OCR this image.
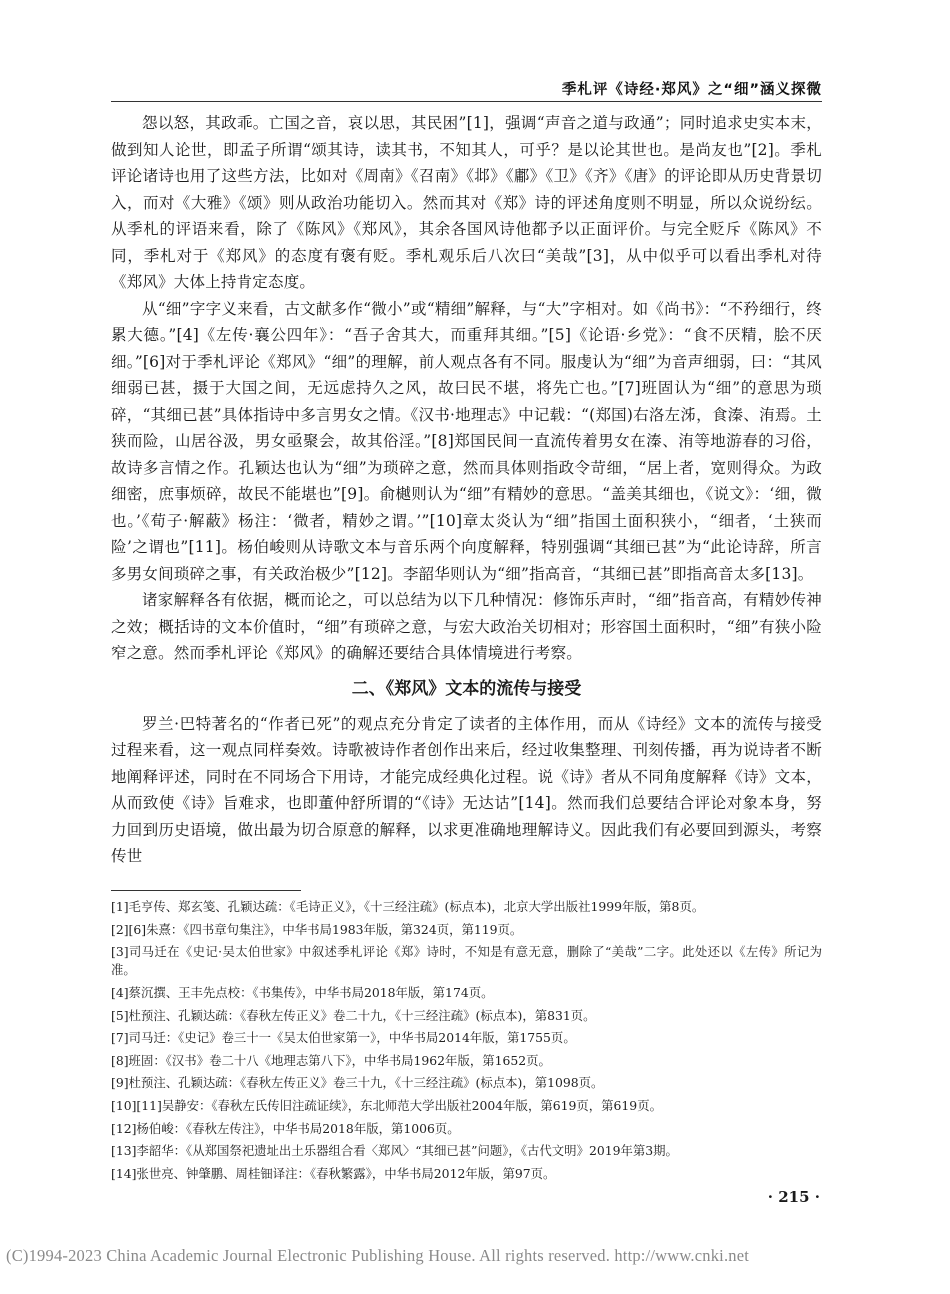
季札评《诗经·郑风》之“细”涵义探微

怨以怒，其政乖。亡国之音，哀以思，其民困”[1]，强调“声音之道与政通”；同时追求史实本末，做到知人论世，即孟子所谓“颂其诗，读其书，不知其人，可乎？是以论其世也。是尚友也”[2]。季札评论诸诗也用了这些方法，比如对《周南》《召南》《邶》《鄘》《卫》《齐》《唐》的评论即从历史背景切入，而对《大雅》《颂》则从政治功能切入。然而其对《郑》诗的评述角度则不明显，所以众说纷纭。从季札的评语来看，除了《陈风》《郑风》，其余各国风诗他都予以正面评价。与完全贬斥《陈风》不同，季札对于《郑风》的态度有褒有贬。季札观乐后八次曰“美哉”[3]，从中似乎可以看出季札对待《郑风》大体上持肯定态度。

从“细”字字义来看，古文献多作“微小”或“精细”解释，与“大”字相对。如《尚书》：“不矜细行，终累大德。”[4]《左传·襄公四年》：“吾子舍其大，而重拜其细。”[5]《论语·乡党》：“食不厌精，脍不厌细。”[6]对于季札评论《郑风》“细”的理解，前人观点各有不同。服虔认为“细”为音声细弱，曰：“其风细弱已甚，摄于大国之间，无远虑持久之风，故曰民不堪，将先亡也。”[7]班固认为“细”的意思为琐碎，“其细已甚”具体指诗中多言男女之情。《汉书·地理志》中记载：“(郑国)右洛左泲，食溱、洧焉。土狭而险，山居谷汲，男女亟聚会，故其俗淫。”[8]郑国民间一直流传着男女在溱、洧等地游春的习俗，故诗多言情之作。孔颖达也认为“细”为琐碎之意，然而具体则指政令苛细，“居上者，宽则得众。为政细密，庶事烦碎，故民不能堪也”[9]。俞樾则认为“细”有精妙的意思。“盖美其细也，《说文》：‘细，微也。’《荀子·解蔽》杨注：‘微者，精妙之谓。’”[10]章太炎认为“细”指国土面积狭小，“细者，‘土狭而险’之谓也”[11]。杨伯峻则从诗歌文本与音乐两个向度解释，特别强调“其细已甚”为“此论诗辞，所言多男女间琐碎之事，有关政治极少”[12]。李韶华则认为“细”指高音，“其细已甚”即指高音太多[13]。

诸家解释各有依据，概而论之，可以总结为以下几种情况：修饰乐声时，“细”指音高，有精妙传神之效；概括诗的文本价值时，“细”有琐碎之意，与宏大政治关切相对；形容国土面积时，“细”有狭小险窄之意。然而季札评论《郑风》的确解还要结合具体情境进行考察。

二、《郑风》文本的流传与接受

罗兰·巴特著名的“作者已死”的观点充分肯定了读者的主体作用，而从《诗经》文本的流传与接受过程来看，这一观点同样奏效。诗歌被诗作者创作出来后，经过收集整理、刊刻传播，再为说诗者不断地阐释评述，同时在不同场合下用诗，才能完成经典化过程。说《诗》者从不同角度解释《诗》文本，从而致使《诗》旨难求，也即董仲舒所谓的“《诗》无达诂”[14]。然而我们总要结合评论对象本身，努力回到历史语境，做出最为切合原意的解释，以求更准确地理解诗义。因此我们有必要回到源头，考察传世

[1]毛亨传、郑玄笺、孔颖达疏：《毛诗正义》，《十三经注疏》(标点本)，北京大学出版社1999年版，第8页。

[2][6]朱熹：《四书章句集注》，中华书局1983年版，第324页，第119页。

[3]司马迁在《史记·吴太伯世家》中叙述季札评论《郑》诗时，不知是有意无意，删除了“美哉”二字。此处还以《左传》所记为准。

[4]蔡沉撰、王丰先点校：《书集传》，中华书局2018年版，第174页。

[5]杜预注、孔颖达疏：《春秋左传正义》卷二十九，《十三经注疏》(标点本)，第831页。

[7]司马迁：《史记》卷三十一《吴太伯世家第一》，中华书局2014年版，第1755页。

[8]班固：《汉书》卷二十八《地理志第八下》，中华书局1962年版，第1652页。

[9]杜预注、孔颖达疏：《春秋左传正义》卷三十九，《十三经注疏》(标点本)，第1098页。

[10][11]吴静安：《春秋左氏传旧注疏证续》，东北师范大学出版社2004年版，第619页，第619页。

[12]杨伯峻：《春秋左传注》，中华书局2018年版，第1006页。

[13]李韶华：《从郑国祭祀遗址出土乐器组合看〈郑风〉“其细已甚”问题》，《古代文明》2019年第3期。

[14]张世亮、钟肇鹏、周桂钿译注：《春秋繁露》，中华书局2012年版，第97页。

· 215 ·
(C)1994-2023 China Academic Journal Electronic Publishing House. All rights reserved. http://www.cnki.net
